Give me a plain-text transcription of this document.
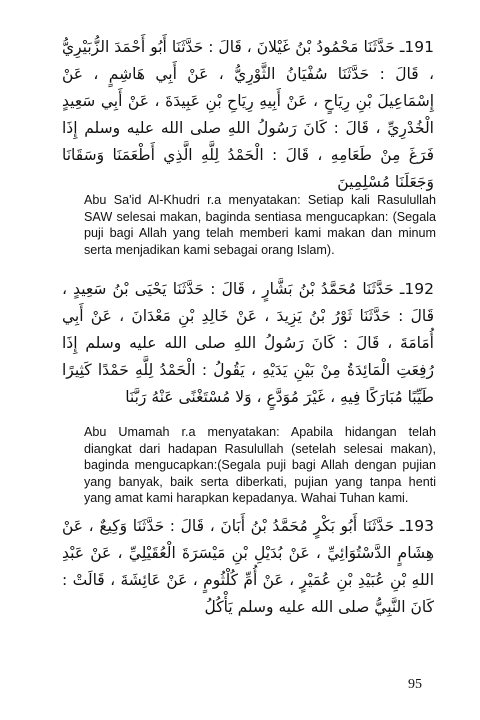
191ـ حَدَّثَنَا مَحْمُودُ بْنُ غَيْلانَ ، قَالَ : حَدَّثَنَا أَبُو أَحْمَدَ الزُّبَيْرِيُّ ، قَالَ : حَدَّثَنَا سُفْيَانُ الثَّوْرِيُّ ، عَنْ أَبِي هَاشِمٍ ، عَنْ إِسْمَاعِيلَ بْنِ رِيَاحٍ ، عَنْ أَبِيهِ رِيَاحِ بْنِ عَبِيدَةَ ، عَنْ أَبِي سَعِيدٍ الْخُدْرِيِّ ، قَالَ : كَانَ رَسُولُ اللهِ صلى الله عليه وسلم إِذَا فَرَغَ مِنْ طَعَامِهِ ، قَالَ : الْحَمْدُ لِلَّهِ الَّذِي أَطْعَمَنَا وَسَقَانَا وَجَعَلَنَا مُسْلِمِينَ
Abu Sa'id Al-Khudri r.a menyatakan: Setiap kali Rasulullah SAW selesai makan, baginda sentiasa mengucapkan: (Segala puji bagi Allah yang telah memberi kami makan dan minum serta menjadikan kami sebagai orang Islam).
192ـ حَدَّثَنَا مُحَمَّدُ بْنُ بَشَّارٍ ، قَالَ : حَدَّثَنَا يَحْيَى بْنُ سَعِيدٍ ، قَالَ : حَدَّثَنَا ثَوْرُ بْنُ يَزِيدَ ، عَنْ خَالِدِ بْنِ مَعْدَانَ ، عَنْ أَبِي أُمَامَةَ ، قَالَ : كَانَ رَسُولُ اللهِ صلى الله عليه وسلم إِذَا رُفِعَتِ الْمَائِدَةُ مِنْ بَيْنِ يَدَيْهِ ، يَقُولُ : الْحَمْدُ لِلَّهِ حَمْدًا كَثِيرًا طَيِّبًا مُبَارَكًا فِيهِ ، غَيْرَ مُوَدَّعٍ ، وَلا مُسْتَغْنًى عَنْهُ رَبَّنَا
Abu Umamah r.a menyatakan: Apabila hidangan telah diangkat dari hadapan Rasulullah (setelah selesai makan), baginda mengucapkan:(Segala puji bagi Allah dengan pujian yang banyak, baik serta diberkati, pujian yang tanpa henti yang amat kami harapkan kepadanya. Wahai Tuhan kami.
193ـ حَدَّثَنَا أَبُو بَكْرٍ مُحَمَّدُ بْنُ أَبَانَ ، قَالَ : حَدَّثَنَا وَكِيعٌ ، عَنْ هِشَامٍ الدَّسْتُوَائِيِّ ، عَنْ بُدَيْلِ بْنِ مَيْسَرَةَ الْعُقَيْلِيِّ ، عَنْ عَبْدِ اللهِ بْنِ عُبَيْدِ بْنِ عُمَيْرٍ ، عَنْ أُمِّ كُلْثُومٍ ، عَنْ عَائِشَةَ ، قَالَتْ : كَانَ النَّبِيُّ صلى الله عليه وسلم يَأْكُلُ
95
